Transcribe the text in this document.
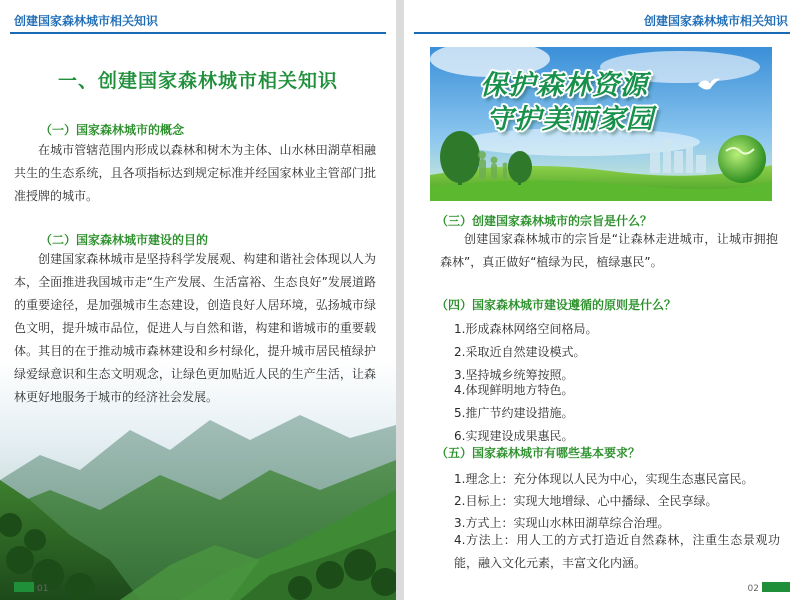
创建国家森林城市相关知识
一、创建国家森林城市相关知识
（一）国家森林城市的概念
在城市管辖范围内形成以森林和树木为主体、山水林田湖草相融共生的生态系统，且各项指标达到规定标准并经国家林业主管部门批准授牌的城市。
（二）国家森林城市建设的目的
创建国家森林城市是坚持科学发展观、构建和谐社会体现以人为本，全面推进我国城市走“生产发展、生活富裕、生态良好”发展道路的重要途径，是加强城市生态建设，创造良好人居环境，弘扬城市绿色文明，提升城市品位，促进人与自然和谐，构建和谐城市的重要载体。其目的在于推动城市森林建设和乡村绿化，提升城市居民植绿护绿爱绿意识和生态文明观念，让绿色更加贴近人民的生产生活，让森林更好地服务于城市的经济社会发展。
01
创建国家森林城市相关知识
保护森林资源
守护美丽家园
（三）创建国家森林城市的宗旨是什么？
创建国家森林城市的宗旨是“让森林走进城市，让城市拥抱森林”，真正做好“植绿为民，植绿惠民”。
（四）国家森林城市建设遵循的原则是什么？
1.形成森林网络空间格局。
2.采取近自然建设模式。
3.坚持城乡统筹按照。
4.体现鲜明地方特色。
5.推广节约建设措施。
6.实现建设成果惠民。
（五）国家森林城市有哪些基本要求？
1.理念上：充分体现以人民为中心，实现生态惠民富民。
2.目标上：实现大地增绿、心中播绿、全民享绿。
3.方式上：实现山水林田湖草综合治理。
4.方法上：用人工的方式打造近自然森林，注重生态景观功能，融入文化元素，丰富文化内涵。
02
